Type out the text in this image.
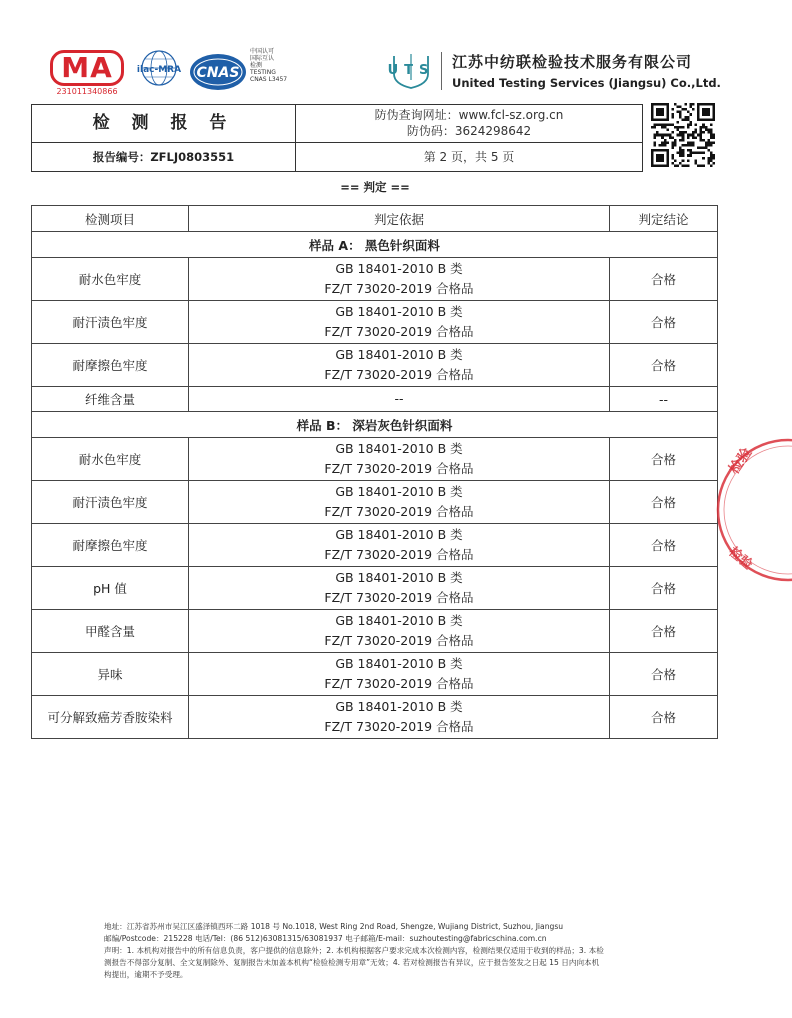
MA
231011340866
ilac-MRA CNAS
中国认可
国际互认
检测
TESTING
CNAS L3457
UTS 江苏中纺联检验技术服务有限公司
United Testing Services (Jiangsu) Co.,Ltd.
检 测 报 告	防伪查询网址：www.fcl-sz.org.cn
防伪码：3624298642
报告编号：ZFLJ0803551	第 2 页，共 5 页
== 判定 ==
检测项目	判定依据	判定结论
样品 A： 黑色针织面料		
耐水色牢度	GB 18401-2010 B 类
FZ/T 73020-2019 合格品	合格
耐汗渍色牢度	GB 18401-2010 B 类
FZ/T 73020-2019 合格品	合格
耐摩擦色牢度	GB 18401-2010 B 类
FZ/T 73020-2019 合格品	合格
纤维含量	--	--
样品 B： 深岩灰色针织面料		
耐水色牢度	GB 18401-2010 B 类
FZ/T 73020-2019 合格品	合格
耐汗渍色牢度	GB 18401-2010 B 类
FZ/T 73020-2019 合格品	合格
耐摩擦色牢度	GB 18401-2010 B 类
FZ/T 73020-2019 合格品	合格
pH 值	GB 18401-2010 B 类
FZ/T 73020-2019 合格品	合格
甲醛含量	GB 18401-2010 B 类
FZ/T 73020-2019 合格品	合格
异味	GB 18401-2010 B 类
FZ/T 73020-2019 合格品	合格
可分解致癌芳香胺染料	GB 18401-2010 B 类
FZ/T 73020-2019 合格品	合格
检验
检验
地址：江苏省苏州市吴江区盛泽镇西环二路 1018 号 No.1018, West Ring 2nd Road, Shengze, Wujiang District, Suzhou, Jiangsu
邮编/Postcode：215228 电话/Tel：(86 512)63081315/63081937 电子邮箱/E-mail：suzhoutesting@fabricschina.com.cn
声明：1. 本机构对报告中的所有信息负责，客户提供的信息除外；2. 本机构根据客户要求完成本次检测内容，检测结果仅适用于收到的样品；3. 本检
测报告不得部分复制、全文复制除外、复制报告未加盖本机构“检验检测专用章”无效；4. 若对检测报告有异议，应于报告签发之日起 15 日内向本机
构提出，逾期不予受理。
